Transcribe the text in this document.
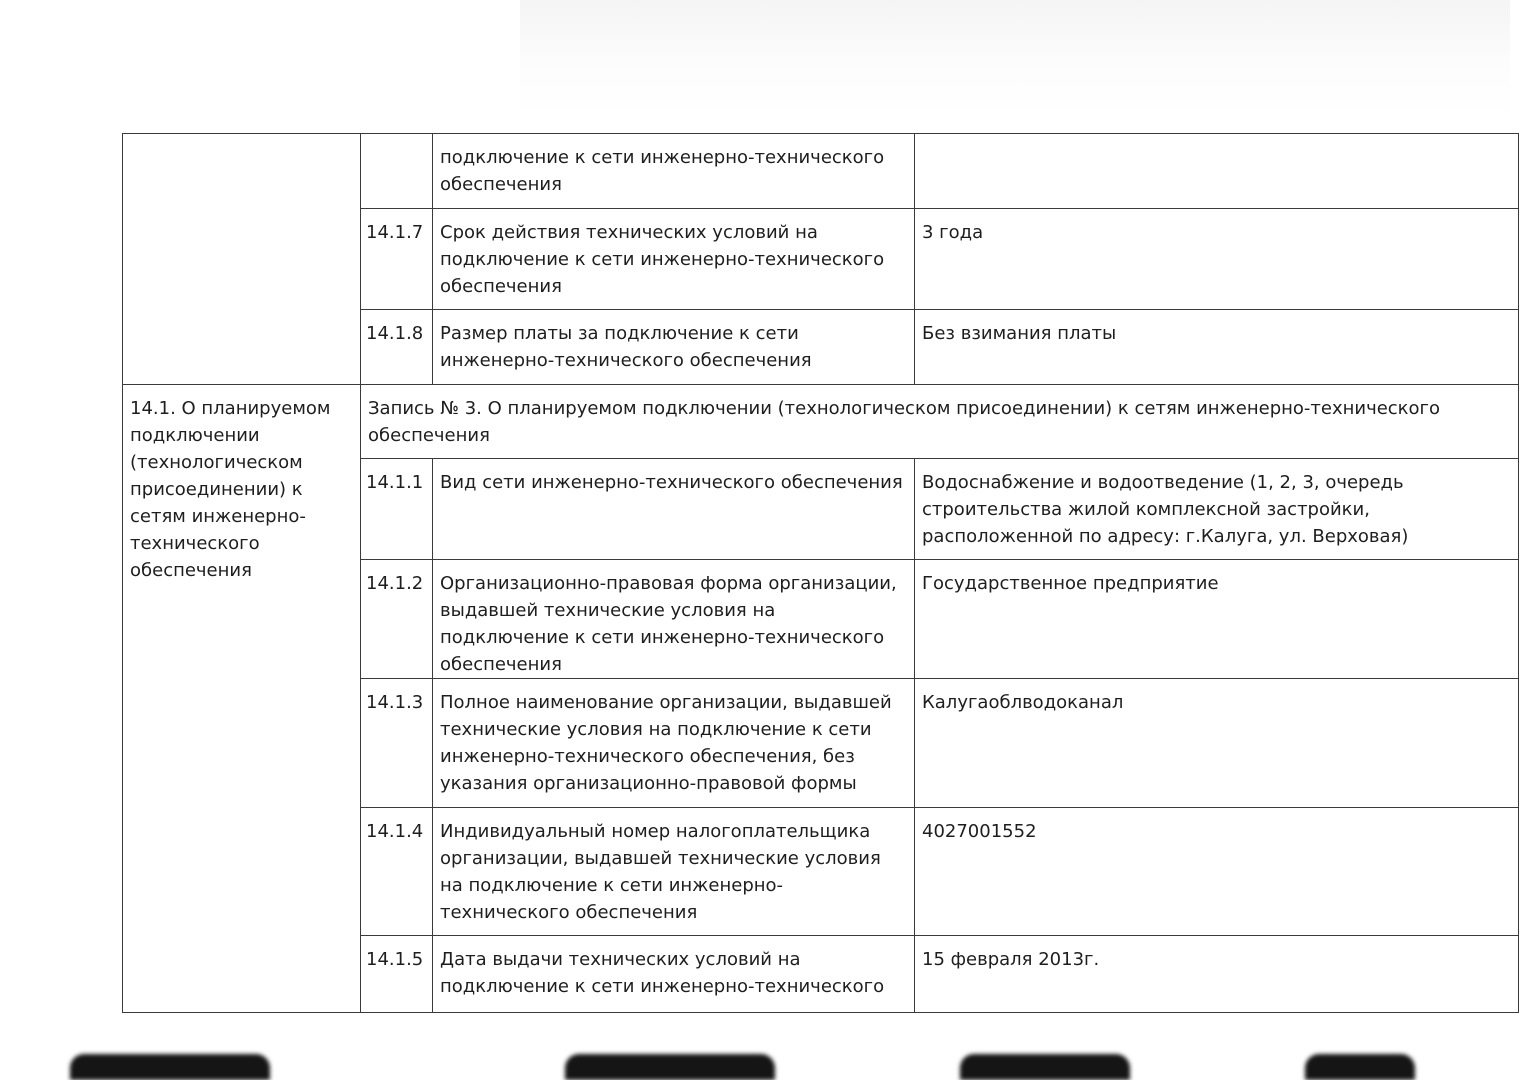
		подключение к сети инженерно-технического обеспечения	
	14.1.7	Срок действия технических условий на подключение к сети инженерно-технического обеспечения	3 года
	14.1.8	Размер платы за подключение к сети инженерно-технического обеспечения	Без взимания платы
14.1. О планируемом подключении (технологическом присоединении) к сетям инженерно-технического обеспечения	Запись № 3. О планируемом подключении (технологическом присоединении) к сетям инженерно-технического обеспечения		
	14.1.1	Вид сети инженерно-технического обеспечения	Водоснабжение и водоотведение (1, 2, 3, очередь строительства жилой комплексной застройки, расположенной по адресу: г.Калуга, ул. Верховая)
	14.1.2	Организационно-правовая форма организации, выдавшей технические условия на подключение к сети инженерно-технического обеспечения	Государственное предприятие
	14.1.3	Полное наименование организации, выдавшей технические условия на подключение к сети инженерно-технического обеспечения, без указания организационно-правовой формы	Калугаоблводоканал
	14.1.4	Индивидуальный номер налогоплательщика организации, выдавшей технические условия на подключение к сети инженерно-технического обеспечения	4027001552
	14.1.5	Дата выдачи технических условий на подключение к сети инженерно-технического	15 февраля 2013г.
